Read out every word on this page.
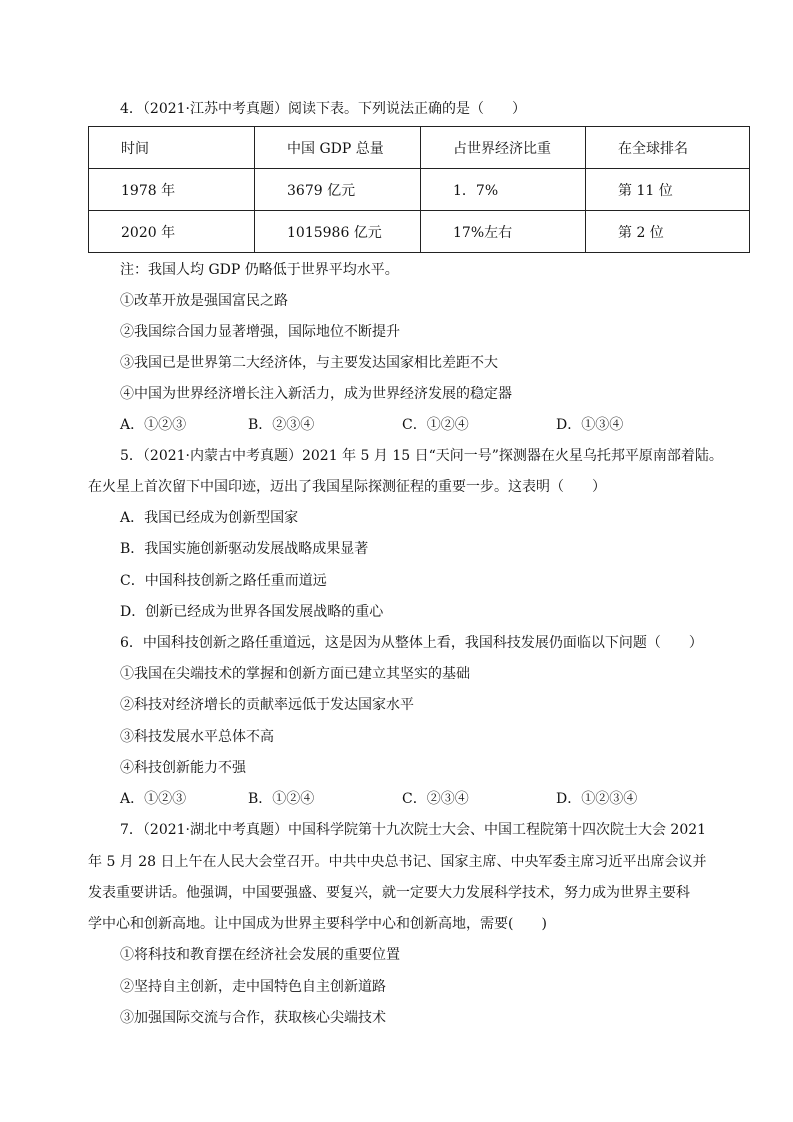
4．（2021·江苏中考真题）阅读下表。下列说法正确的是（　　）
时间	中国 GDP 总量	占世界经济比重	在全球排名
1978 年	3679 亿元	1．7%	第 11 位
2020 年	1015986 亿元	17%左右	第 2 位
注：我国人均 GDP 仍略低于世界平均水平。
①改革开放是强国富民之路
②我国综合国力显著增强，国际地位不断提升
③我国已是世界第二大经济体，与主要发达国家相比差距不大
④中国为世界经济增长注入新活力，成为世界经济发展的稳定器
A．①②③	B．②③④	C．①②④	D．①③④
5．（2021·内蒙古中考真题）2021 年 5 月 15 日“天问一号”探测器在火星乌托邦平原南部着陆。
在火星上首次留下中国印迹，迈出了我国星际探测征程的重要一步。这表明（　　）
A．我国已经成为创新型国家
B．我国实施创新驱动发展战略成果显著
C．中国科技创新之路任重而道远
D．创新已经成为世界各国发展战略的重心
6．中国科技创新之路任重道远，这是因为从整体上看，我国科技发展仍面临以下问题（　　）
①我国在尖端技术的掌握和创新方面已建立其坚实的基础
②科技对经济增长的贡献率远低于发达国家水平
③科技发展水平总体不高
④科技创新能力不强
A．①②③	B．①②④	C．②③④	D．①②③④
7．（2021·湖北中考真题）中国科学院第十九次院士大会、中国工程院第十四次院士大会 2021
年 5 月 28 日上午在人民大会堂召开。中共中央总书记、国家主席、中央军委主席习近平出席会议并
发表重要讲话。他强调，中国要强盛、要复兴，就一定要大力发展科学技术，努力成为世界主要科
学中心和创新高地。让中国成为世界主要科学中心和创新高地，需要(　　)
①将科技和教育摆在经济社会发展的重要位置
②坚持自主创新，走中国特色自主创新道路
③加强国际交流与合作，获取核心尖端技术
